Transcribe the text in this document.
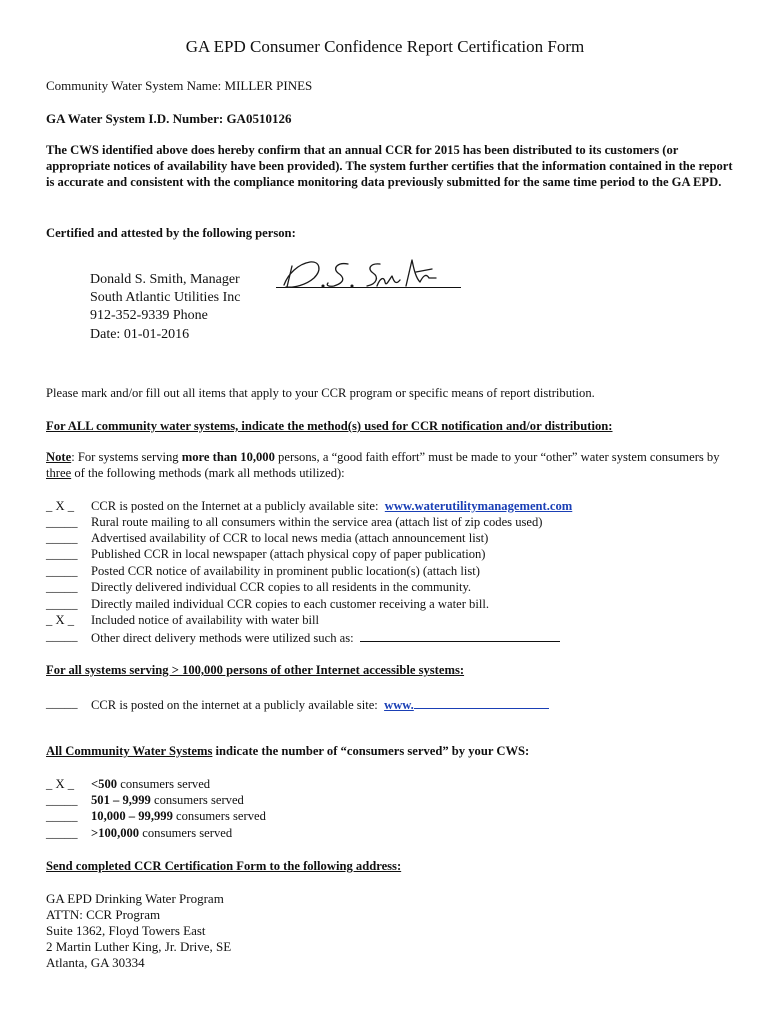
GA EPD Consumer Confidence Report Certification Form
Community Water System Name: MILLER PINES
GA Water System I.D. Number: GA0510126
The CWS identified above does hereby confirm that an annual CCR for 2015 has been distributed to its customers (or appropriate notices of availability have been provided). The system further certifies that the information contained in the report is accurate and consistent with the compliance monitoring data previously submitted for the same time period to the GA EPD.
Certified and attested by the following person:
Donald S. Smith, Manager
South Atlantic Utilities Inc
912-352-9339 Phone
Date: 01-01-2016
Please mark and/or fill out all items that apply to your CCR program or specific means of report distribution.
For ALL community water systems, indicate the method(s) used for CCR notification and/or distribution:
Note: For systems serving more than 10,000 persons, a “good faith effort” must be made to your “other” water system consumers by three of the following methods (mark all methods utilized):
_ X _ CCR is posted on the Internet at a publicly available site: www.waterutilitymanagement.com
_____ Rural route mailing to all consumers within the service area (attach list of zip codes used)
_____ Advertised availability of CCR to local news media (attach announcement list)
_____ Published CCR in local newspaper (attach physical copy of paper publication)
_____ Posted CCR notice of availability in prominent public location(s) (attach list)
_____ Directly delivered individual CCR copies to all residents in the community.
_____ Directly mailed individual CCR copies to each customer receiving a water bill.
_ X _ Included notice of availability with water bill
_____ Other direct delivery methods were utilized such as:
For all systems serving > 100,000 persons of other Internet accessible systems:
_____ CCR is posted on the internet at a publicly available site: www.
All Community Water Systems indicate the number of “consumers served” by your CWS:
_ X _ <500 consumers served
_____ 501 – 9,999 consumers served
_____ 10,000 – 99,999 consumers served
_____ >100,000 consumers served
Send completed CCR Certification Form to the following address:
GA EPD Drinking Water Program
ATTN: CCR Program
Suite 1362, Floyd Towers East
2 Martin Luther King, Jr. Drive, SE
Atlanta, GA 30334
